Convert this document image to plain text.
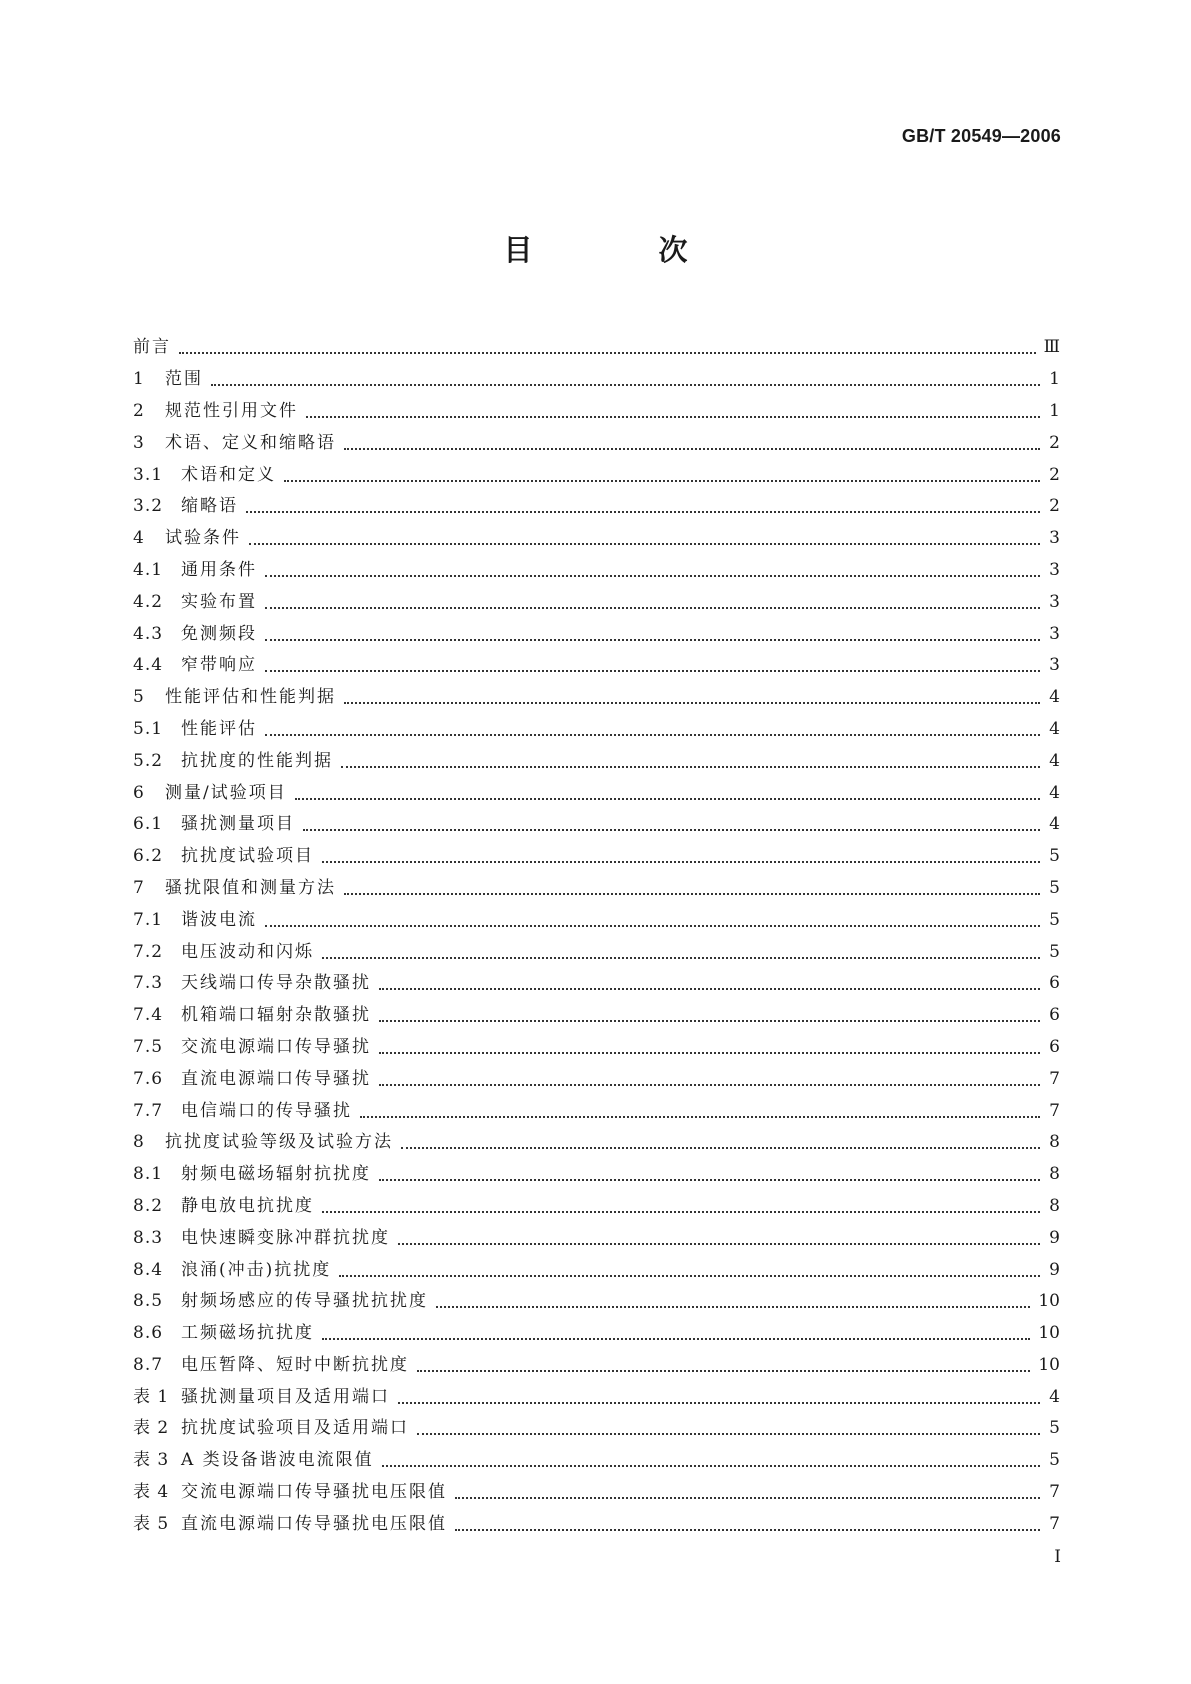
GB/T 20549—2006
目 次
前言	Ⅲ
1	范围	1
2	规范性引用文件	1
3	术语、定义和缩略语	2
3.1	术语和定义	2
3.2	缩略语	2
4	试验条件	3
4.1	通用条件	3
4.2	实验布置	3
4.3	免测频段	3
4.4	窄带响应	3
5	性能评估和性能判据	4
5.1	性能评估	4
5.2	抗扰度的性能判据	4
6	测量/试验项目	4
6.1	骚扰测量项目	4
6.2	抗扰度试验项目	5
7	骚扰限值和测量方法	5
7.1	谐波电流	5
7.2	电压波动和闪烁	5
7.3	天线端口传导杂散骚扰	6
7.4	机箱端口辐射杂散骚扰	6
7.5	交流电源端口传导骚扰	6
7.6	直流电源端口传导骚扰	7
7.7	电信端口的传导骚扰	7
8	抗扰度试验等级及试验方法	8
8.1	射频电磁场辐射抗扰度	8
8.2	静电放电抗扰度	8
8.3	电快速瞬变脉冲群抗扰度	9
8.4	浪涌(冲击)抗扰度	9
8.5	射频场感应的传导骚扰抗扰度	10
8.6	工频磁场抗扰度	10
8.7	电压暂降、短时中断抗扰度	10
表 1 骚扰测量项目及适用端口	4
表 2 抗扰度试验项目及适用端口	5
表 3 A 类设备谐波电流限值	5
表 4 交流电源端口传导骚扰电压限值	7
表 5 直流电源端口传导骚扰电压限值	7
I
